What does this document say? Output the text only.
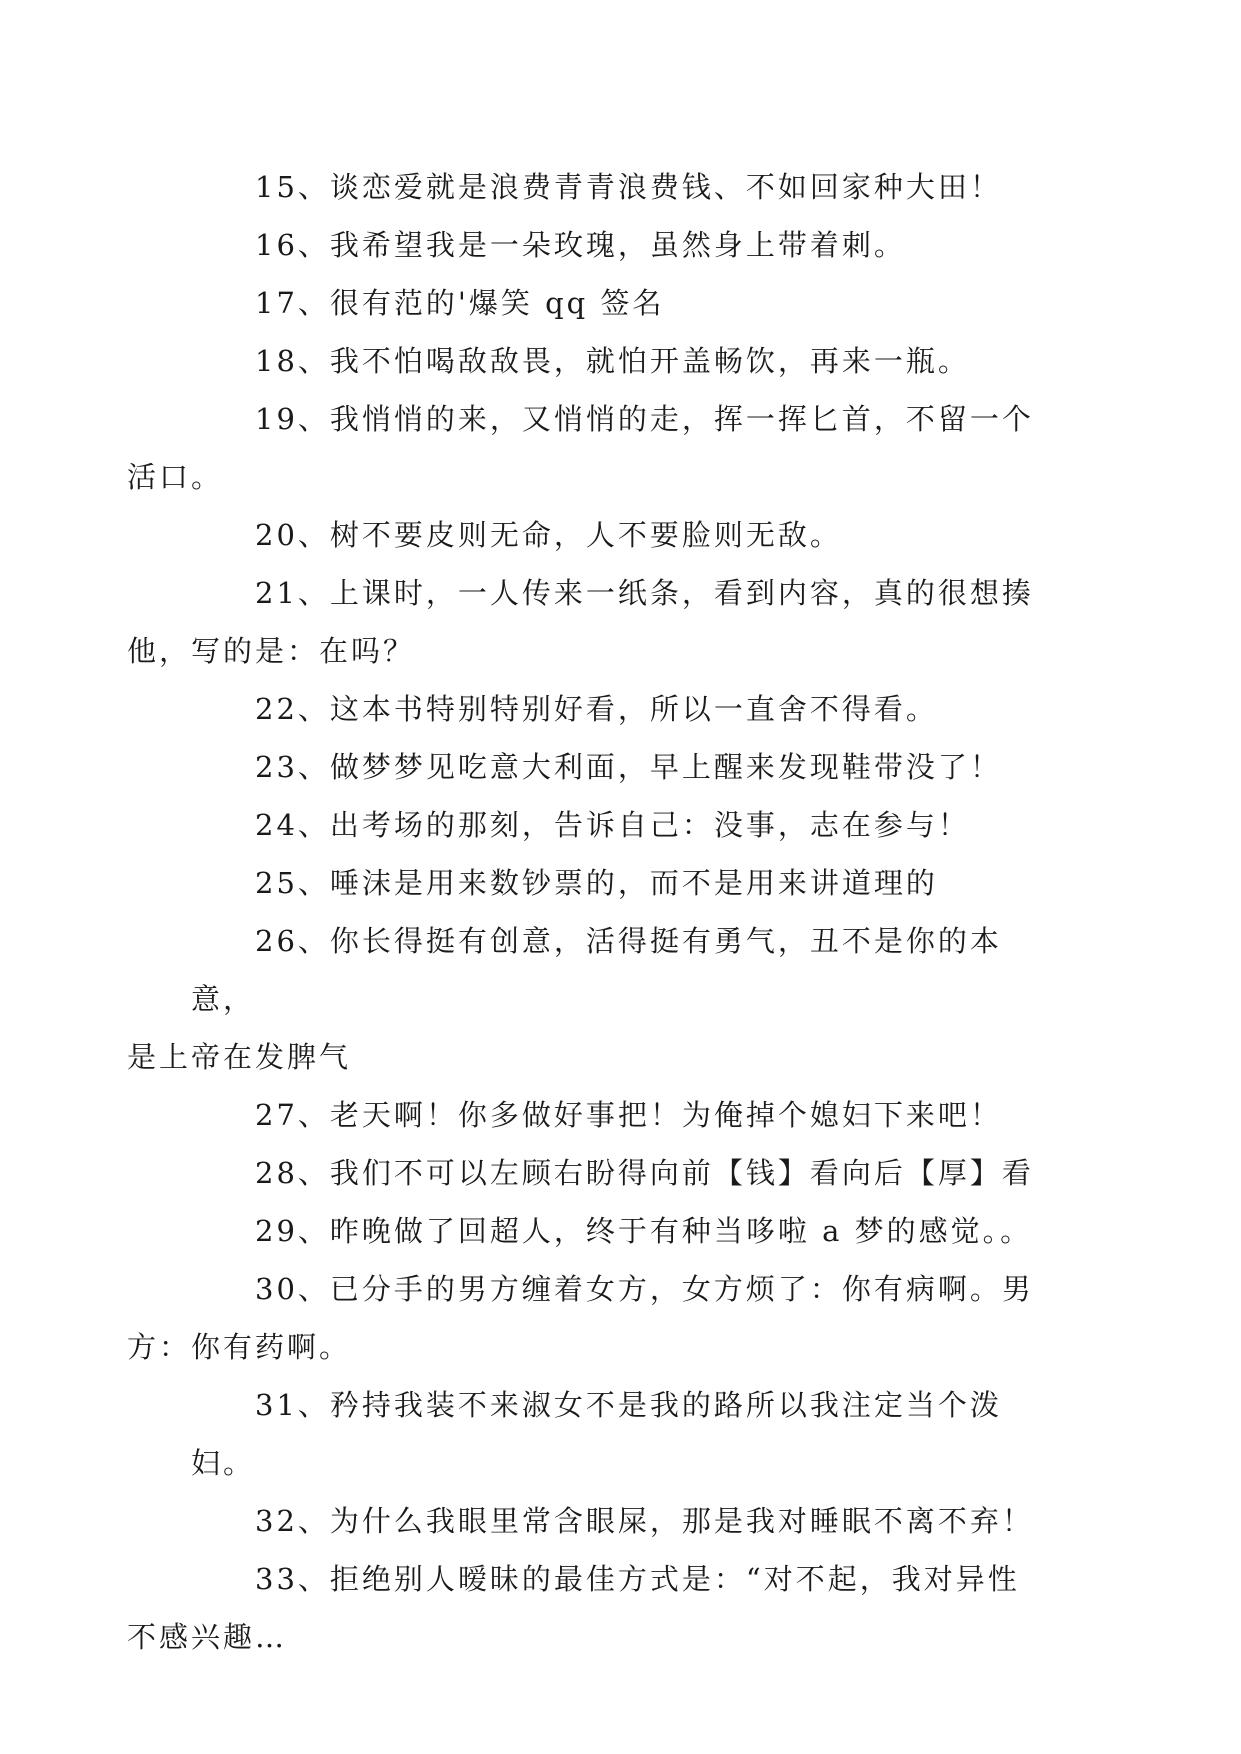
15、谈恋爱就是浪费青青浪费钱、不如回家种大田！

16、我希望我是一朵玫瑰，虽然身上带着刺。

17、很有范的'爆笑 qq 签名

18、我不怕喝敌敌畏，就怕开盖畅饮，再来一瓶。

19、我悄悄的来，又悄悄的走，挥一挥匕首，不留一个
活口。

20、树不要皮则无命，人不要脸则无敌。

21、上课时，一人传来一纸条，看到内容，真的很想揍
他，写的是：在吗？

22、这本书特别特别好看，所以一直舍不得看。

23、做梦梦见吃意大利面，早上醒来发现鞋带没了！

24、出考场的那刻，告诉自己：没事，志在参与！

25、唾沫是用来数钞票的，而不是用来讲道理的

26、你长得挺有创意，活得挺有勇气，丑不是你的本意，
是上帝在发脾气

27、老天啊！你多做好事把！为俺掉个媳妇下来吧！

28、我们不可以左顾右盼得向前【钱】看向后【厚】看

29、昨晚做了回超人，终于有种当哆啦 a 梦的感觉。。

30、已分手的男方缠着女方，女方烦了：你有病啊。男
方：你有药啊。

31、矜持我装不来淑女不是我的路所以我注定当个泼妇。

32、为什么我眼里常含眼屎，那是我对睡眠不离不弃！

33、拒绝别人暧昧的最佳方式是：“对不起，我对异性
不感兴趣…
